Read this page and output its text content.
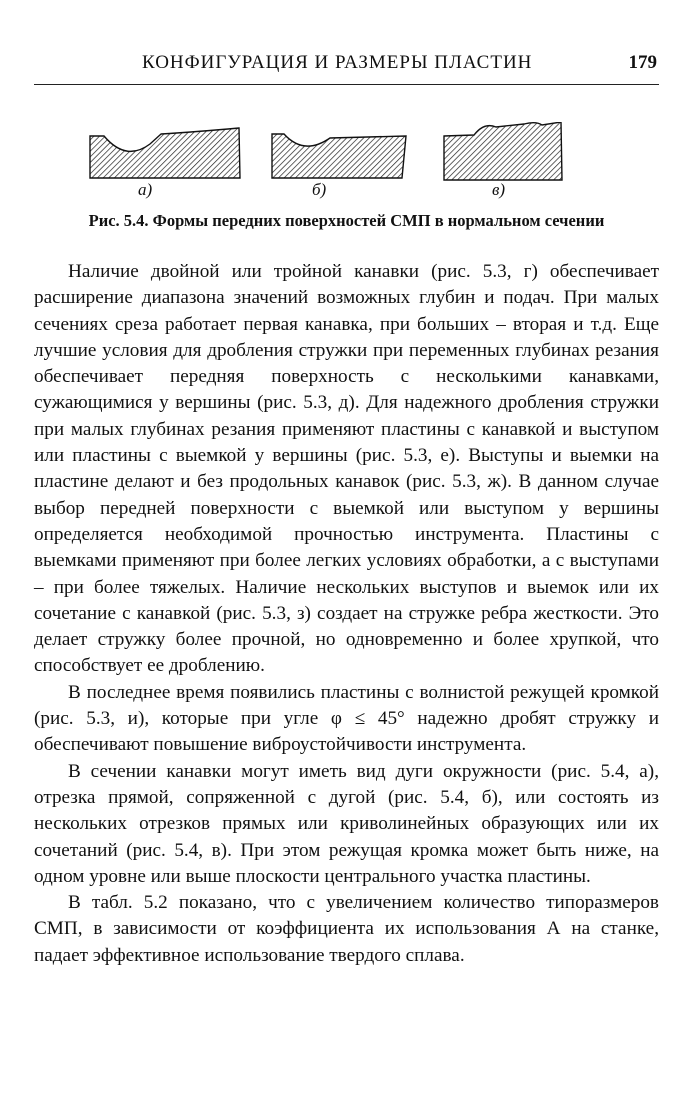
КОНФИГУРАЦИЯ И РАЗМЕРЫ ПЛАСТИН	179
а)	б)	в)
Рис. 5.4. Формы передних поверхностей СМП в нормальном сечении

Наличие двойной или тройной канавки (рис. 5.3, г) обеспечивает расширение диапазона значений возможных глубин и подач. При малых сечениях среза работает первая канавка, при больших – вторая и т.д. Еще лучшие условия для дробления стружки при переменных глубинах резания обеспечивает передняя поверхность с несколькими канавками, сужающимися у вершины (рис. 5.3, д). Для надежного дробления стружки при малых глубинах резания применяют пластины с канавкой и выступом или пластины с выемкой у вершины (рис. 5.3, е). Выступы и выемки на пластине делают и без продольных канавок (рис. 5.3, ж). В данном случае выбор передней поверхности с выемкой или выступом у вершины определяется необходимой прочностью инструмента. Пластины с выемками применяют при более легких условиях обработки, а с выступами – при более тяжелых. Наличие нескольких выступов и выемок или их сочетание с канавкой (рис. 5.3, з) создает на стружке ребра жесткости. Это делает стружку более прочной, но одновременно и более хрупкой, что способствует ее дроблению.

В последнее время появились пластины с волнистой режущей кромкой (рис. 5.3, и), которые при угле φ ≤ 45° надежно дробят стружку и обеспечивают повышение виброустойчивости инструмента.

В сечении канавки могут иметь вид дуги окружности (рис. 5.4, а), отрезка прямой, сопряженной с дугой (рис. 5.4, б), или состоять из нескольких отрезков прямых или криволинейных образующих или их сочетаний (рис. 5.4, в). При этом режущая кромка может быть ниже, на одном уровне или выше плоскости центрального участка пластины.

В табл. 5.2 показано, что с увеличением количество типоразмеров СМП, в зависимости от коэффициента их использования А на станке, падает эффективное использование твердого сплава.
